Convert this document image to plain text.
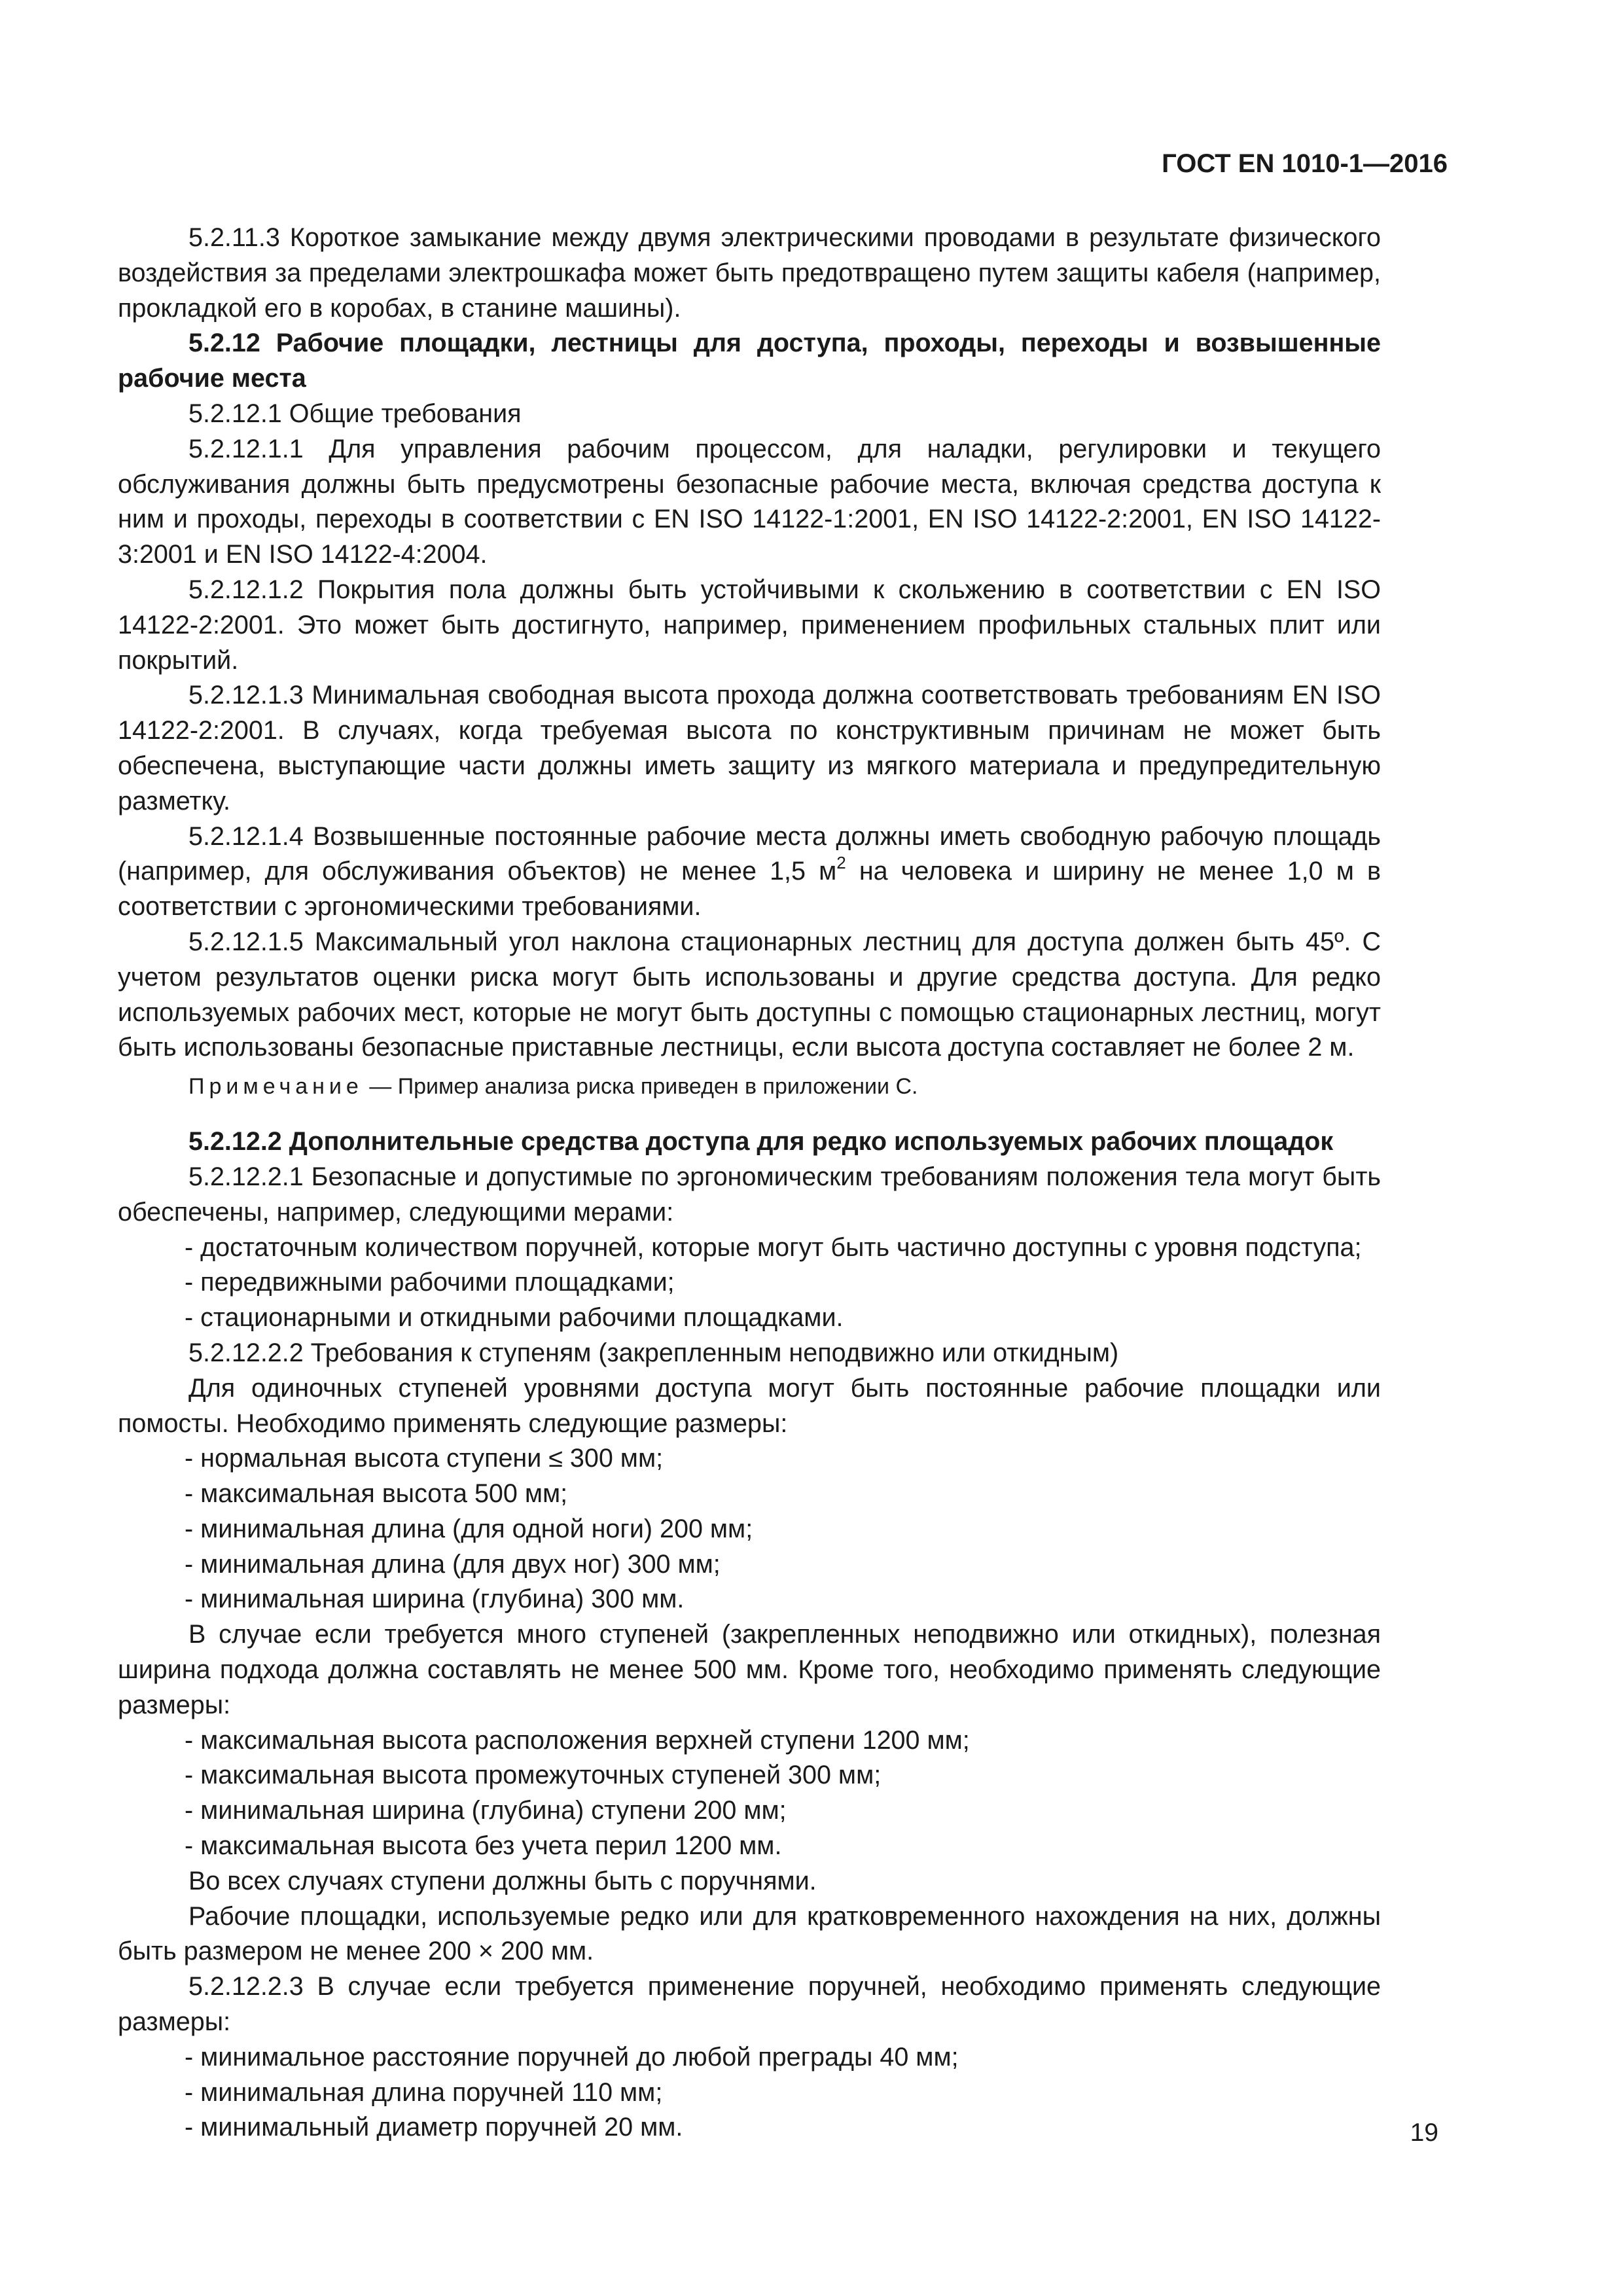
ГОСТ EN 1010-1—2016

5.2.11.3 Короткое замыкание между двумя электрическими проводами в результате физического воздействия за пределами электрошкафа может быть предотвращено путем защиты кабеля (например, прокладкой его в коробах, в станине машины).

5.2.12 Рабочие площадки, лестницы для доступа, проходы, переходы и возвышенные рабочие места

5.2.12.1 Общие требования

5.2.12.1.1 Для управления рабочим процессом, для наладки, регулировки и текущего обслуживания должны быть предусмотрены безопасные рабочие места, включая средства доступа к ним и проходы, переходы в соответствии с EN ISO 14122-1:2001, EN ISO 14122-2:2001, EN ISO 14122-3:2001 и EN ISO 14122-4:2004.

5.2.12.1.2 Покрытия пола должны быть устойчивыми к скольжению в соответствии с EN ISO 14122-2:2001. Это может быть достигнуто, например, применением профильных стальных плит или покрытий.

5.2.12.1.3 Минимальная свободная высота прохода должна соответствовать требованиям EN ISO 14122-2:2001. В случаях, когда требуемая высота по конструктивным причинам не может быть обеспечена, выступающие части должны иметь защиту из мягкого материала и предупредительную разметку.

5.2.12.1.4 Возвышенные постоянные рабочие места должны иметь свободную рабочую площадь (например, для обслуживания объектов) не менее 1,5 $м^2$ на человека и ширину не менее 1,0 м в соответствии с эргономическими требованиями.

5.2.12.1.5 Максимальный угол наклона стационарных лестниц для доступа должен быть 45º. С учетом результатов оценки риска могут быть использованы и другие средства доступа. Для редко используемых рабочих мест, которые не могут быть доступны с помощью стационарных лестниц, могут быть использованы безопасные приставные лестницы, если высота доступа составляет не более 2 м.

Примечание — Пример анализа риска приведен в приложении С.

5.2.12.2 Дополнительные средства доступа для редко используемых рабочих площадок

5.2.12.2.1 Безопасные и допустимые по эргономическим требованиям положения тела могут быть обеспечены, например, следующими мерами:

- достаточным количеством поручней, которые могут быть частично доступны с уровня подступа;

- передвижными рабочими площадками;

- стационарными и откидными рабочими площадками.

5.2.12.2.2 Требования к ступеням (закрепленным неподвижно или откидным)

Для одиночных ступеней уровнями доступа могут быть постоянные рабочие площадки или помосты. Необходимо применять следующие размеры:

- нормальная высота ступени ≤ 300 мм;

- максимальная высота 500 мм;

- минимальная длина (для одной ноги) 200 мм;

- минимальная длина (для двух ног) 300 мм;

- минимальная ширина (глубина) 300 мм.

В случае если требуется много ступеней (закрепленных неподвижно или откидных), полезная ширина подхода должна составлять не менее 500 мм. Кроме того, необходимо применять следующие размеры:

- максимальная высота расположения верхней ступени 1200 мм;

- максимальная высота промежуточных ступеней 300 мм;

- минимальная ширина (глубина) ступени 200 мм;

- максимальная высота без учета перил 1200 мм.

Во всех случаях ступени должны быть с поручнями.

Рабочие площадки, используемые редко или для кратковременного нахождения на них, должны быть размером не менее 200 × 200 мм.

5.2.12.2.3 В случае если требуется применение поручней, необходимо применять следующие размеры:

- минимальное расстояние поручней до любой преграды 40 мм;

- минимальная длина поручней 110 мм;

- минимальный диаметр поручней 20 мм.	19
